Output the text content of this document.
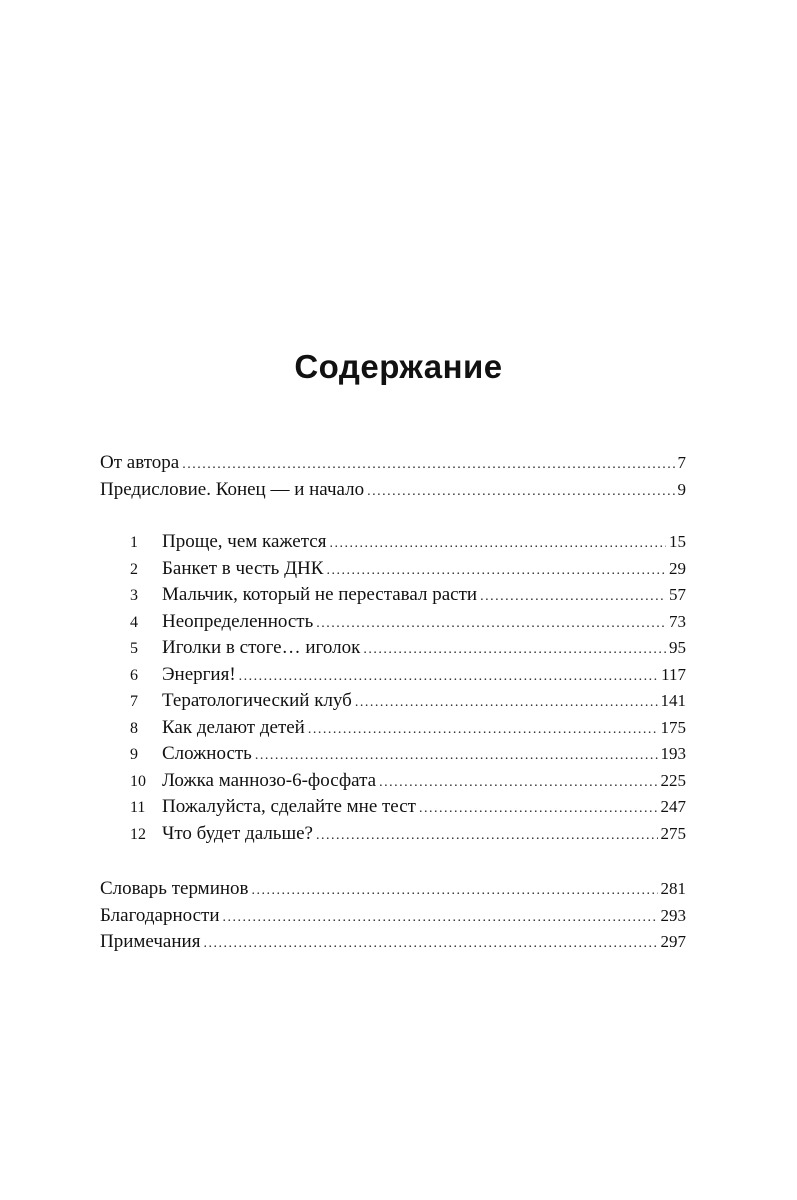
Содержание
От автора .....	7
Предисловие. Конец — и начало .....	9
1	Проще, чем кажется .....	15
2	Банкет в честь ДНК .....	29
3	Мальчик, который не переставал расти .....	57
4	Неопределенность .....	73
5	Иголки в стоге… иголок .....	95
6	Энергия! .....	117
7	Тератологический клуб .....	141
8	Как делают детей .....	175
9	Сложность .....	193
10 Ложка маннозо-6-фосфата .....	225
11 Пожалуйста, сделайте мне тест .....	247
12 Что будет дальше? .....	275
Словарь терминов .....	281
Благодарности .....	293
Примечания .....	297
